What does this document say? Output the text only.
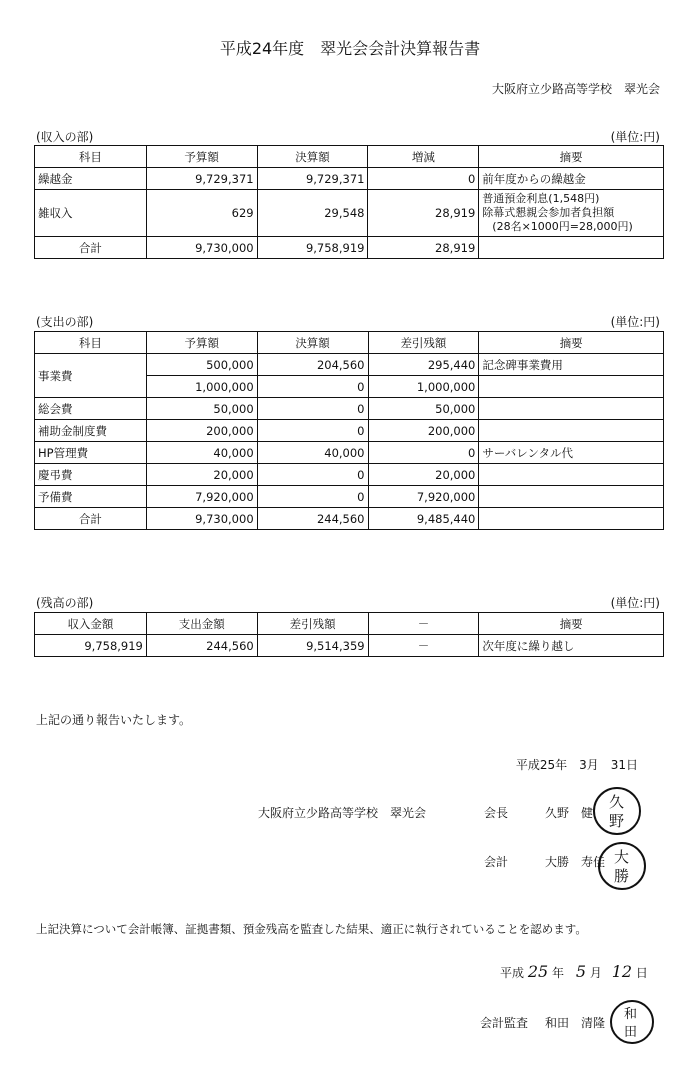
平成24年度　翠光会会計決算報告書
大阪府立少路高等学校　翠光会
(収入の部)	(単位:円)
科目	予算額	決算額	増減	摘要
繰越金	9,729,371	9,729,371	0	前年度からの繰越金
雑収入	629	29,548	28,919	普通預金利息(1,548円)
除幕式懇親会参加者負担額
(28名×1000円=28,000円)

合計	9,730,000	9,758,919	28,919	
(支出の部)	(単位:円)
科目	予算額	決算額	差引残額	摘要
事業費	500,000	204,560	295,440	記念碑事業費用
	1,000,000	0	1,000,000	
総会費	50,000	0	50,000	
補助金制度費	200,000	0	200,000	
HP管理費	40,000	40,000	0	サーバレンタル代
慶弔費	20,000	0	20,000	
予備費	7,920,000	0	7,920,000	
合計	9,730,000	244,560	9,485,440	
(残高の部)	(単位:円)
収入金額	支出金額	差引残額	－	摘要
9,758,919	244,560	9,514,359	－	次年度に繰り越し
上記の通り報告いたします。
平成25年　3月　31日
大阪府立少路高等学校　翠光会	会長	久野　健
久
野
会計	大勝　寿佳 大
勝
上記決算について会計帳簿、証拠書類、預金残高を監査した結果、適正に執行されていることを認めます。
平成 25 年 5 月 12 日
会計監査 和田　清隆
和
田
